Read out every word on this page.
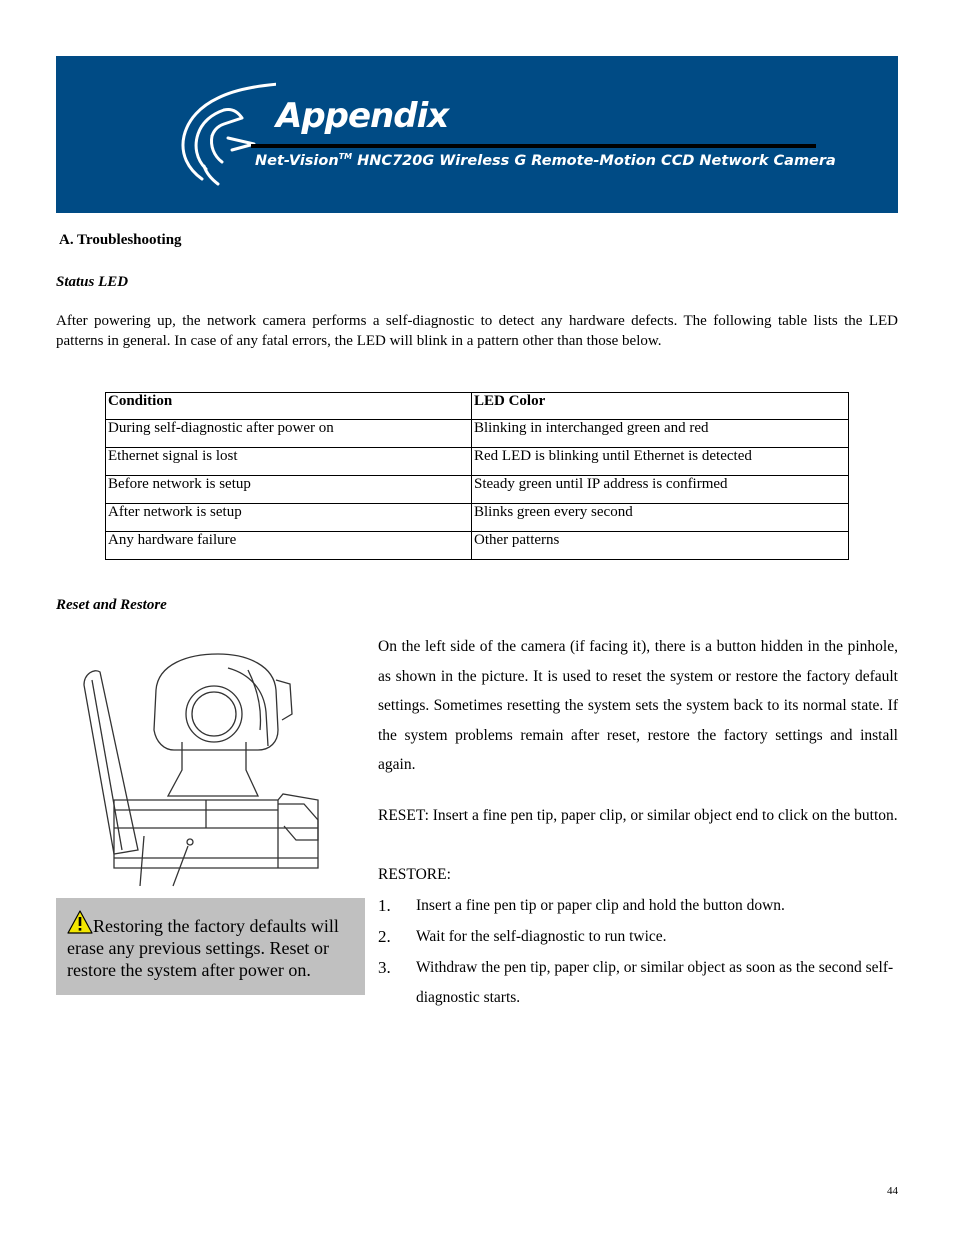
Appendix
Net-Vision™ HNC720G Wireless G Remote-Motion CCD Network Camera
A. Troubleshooting
Status LED
After powering up, the network camera performs a self-diagnostic to detect any hardware defects. The following table lists the LED patterns in general. In case of any fatal errors, the LED will blink in a pattern other than those below.
Condition	LED Color
During self-diagnostic after power on	Blinking in interchanged green and red
Ethernet signal is lost	Red LED is blinking until Ethernet is detected
Before network is setup	Steady green until IP address is confirmed
After network is setup	Blinks green every second
Any hardware failure	Other patterns
Reset and Restore
Restoring the factory defaults will erase any previous settings. Reset or restore the system after power on.
On the left side of the camera (if facing it), there is a button hidden in the pinhole, as shown in the picture. It is used to reset the system or restore the factory default settings. Sometimes resetting the system sets the system back to its normal state. If the system problems remain after reset, restore the factory settings and install again.
RESET: Insert a fine pen tip, paper clip, or similar object end to click on the button.
RESTORE:
1. Insert a fine pen tip or paper clip and hold the button down.
2. Wait for the self-diagnostic to run twice.
3. Withdraw the pen tip, paper clip, or similar object as soon as the second self-diagnostic starts.
44
